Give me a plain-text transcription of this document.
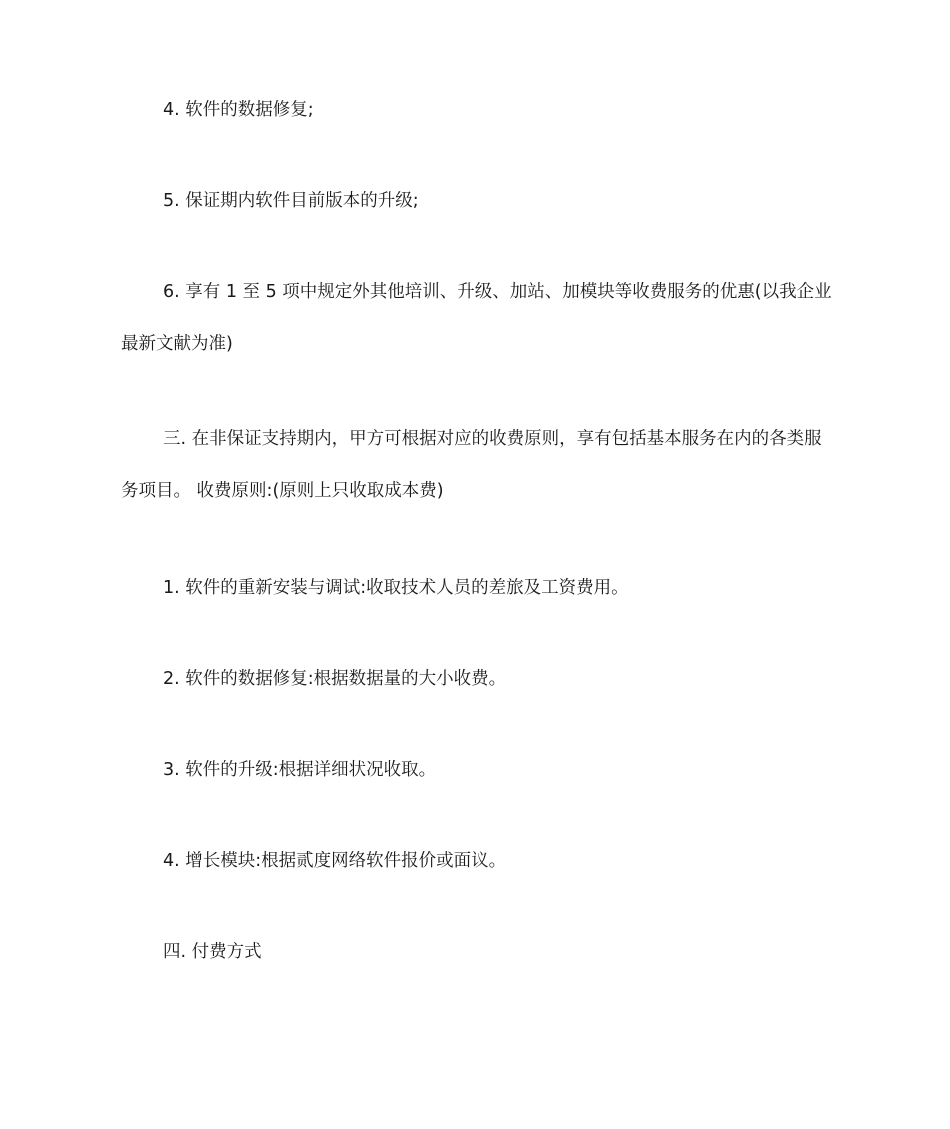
4. 软件的数据修复;

5. 保证期内软件目前版本的升级;

6. 享有 1 至 5 项中规定外其他培训、升级、加站、加模块等收费服务的优惠(以我企业最新文献为准)

三. 在非保证支持期内，甲方可根据对应的收费原则，享有包括基本服务在内的各类服务项目。 收费原则:(原则上只收取成本费)

1. 软件的重新安装与调试:收取技术人员的差旅及工资费用。

2. 软件的数据修复:根据数据量的大小收费。

3. 软件的升级:根据详细状况收取。

4. 增长模块:根据贰度网络软件报价或面议。

四. 付费方式
